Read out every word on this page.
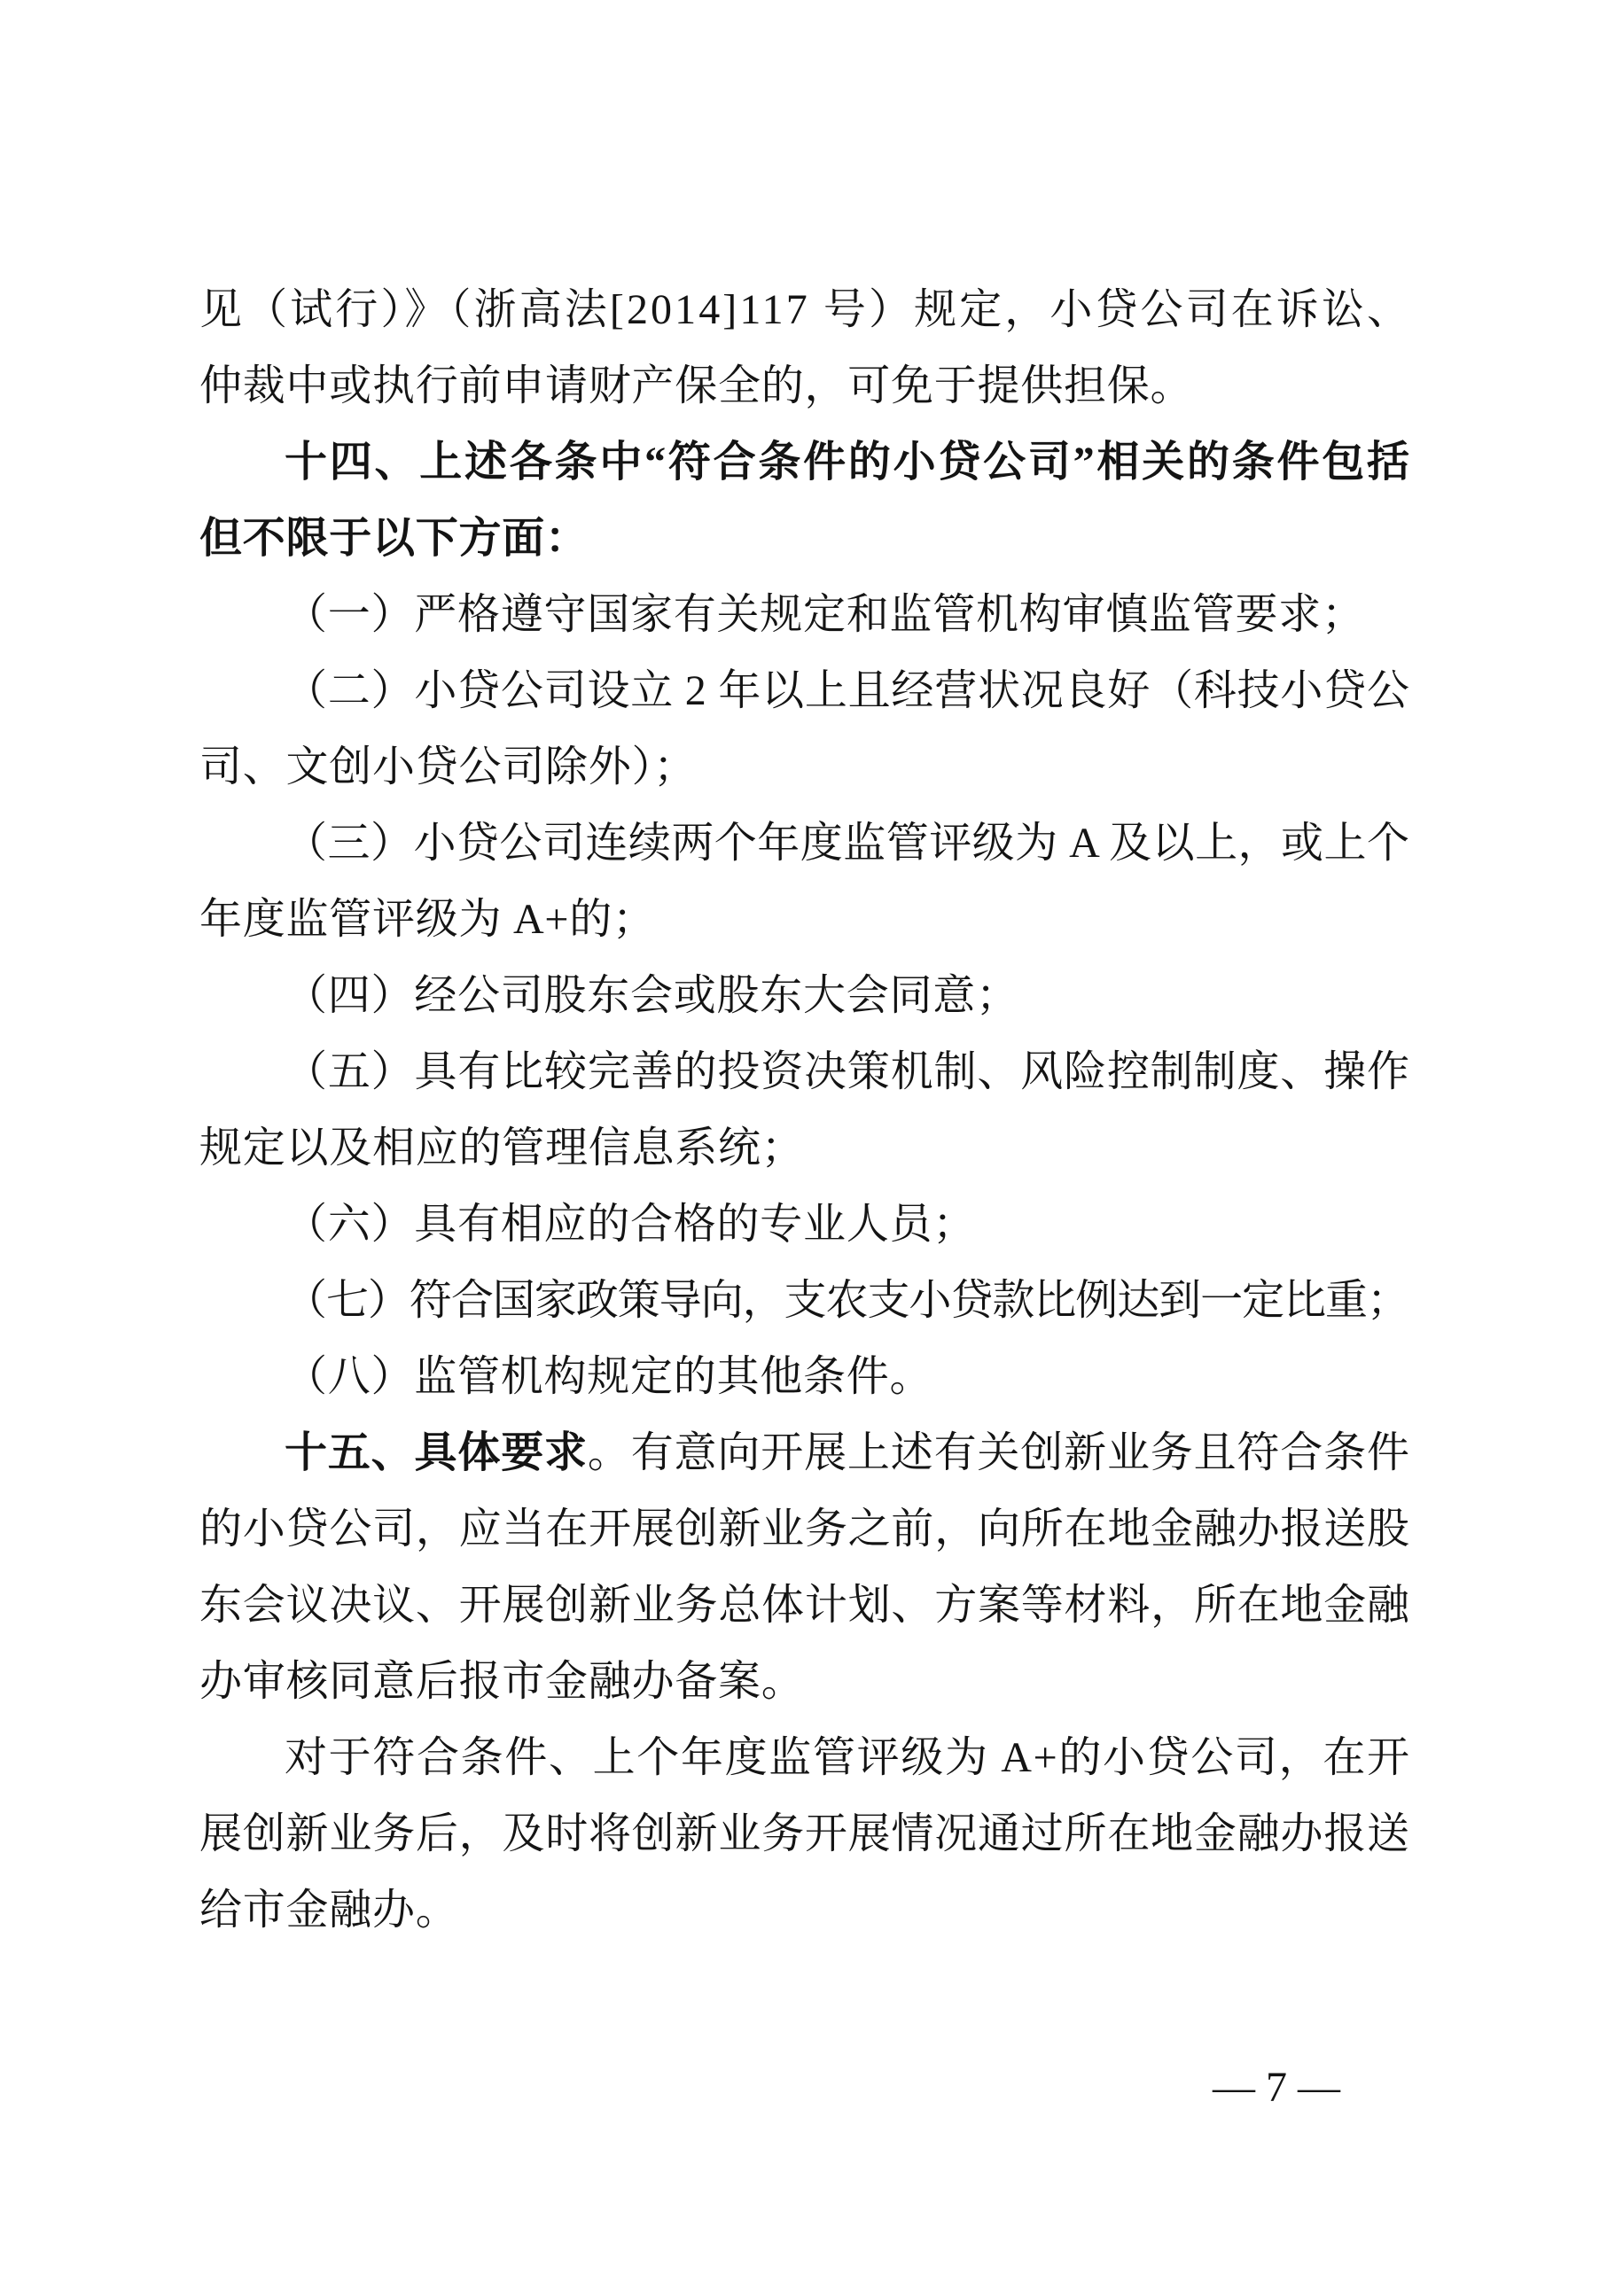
见（试行）》（浙高法[2014]117 号）规定，小贷公司在诉讼、
仲裁中或执行前申请财产保全的，可免于提供担保。
十四、上述各条中“符合条件的小贷公司”相关的条件包括
但不限于以下方面：
（一）严格遵守国家有关规定和监管机构审慎监管要求；
（二）小贷公司设立 2 年以上且经营状况良好（科技小贷公
司、文创小贷公司除外）；
（三）小贷公司连续两个年度监管评级为 A 及以上，或上个
年度监管评级为 A+的；
（四）经公司股东会或股东大会同意；
（五）具有比较完善的投资决策机制、风险控制制度、操作
规定以及相应的管理信息系统；
（六）具有相应的合格的专业人员；
（七）符合国家政策导向，支农支小贷款比例达到一定比重；
（八）监管机构规定的其他条件。
十五、具体要求。有意向开展上述有关创新业务且符合条件
的小贷公司，应当在开展创新业务之前，向所在地金融办报送股
东会议决议、开展创新业务总体计划、方案等材料，所在地金融
办审核同意后报市金融办备案。
对于符合条件、上个年度监管评级为 A+的小贷公司，在开
展创新业务后，及时将创新业务开展情况通过所在地金融办报送
给市金融办。
— 7 —
